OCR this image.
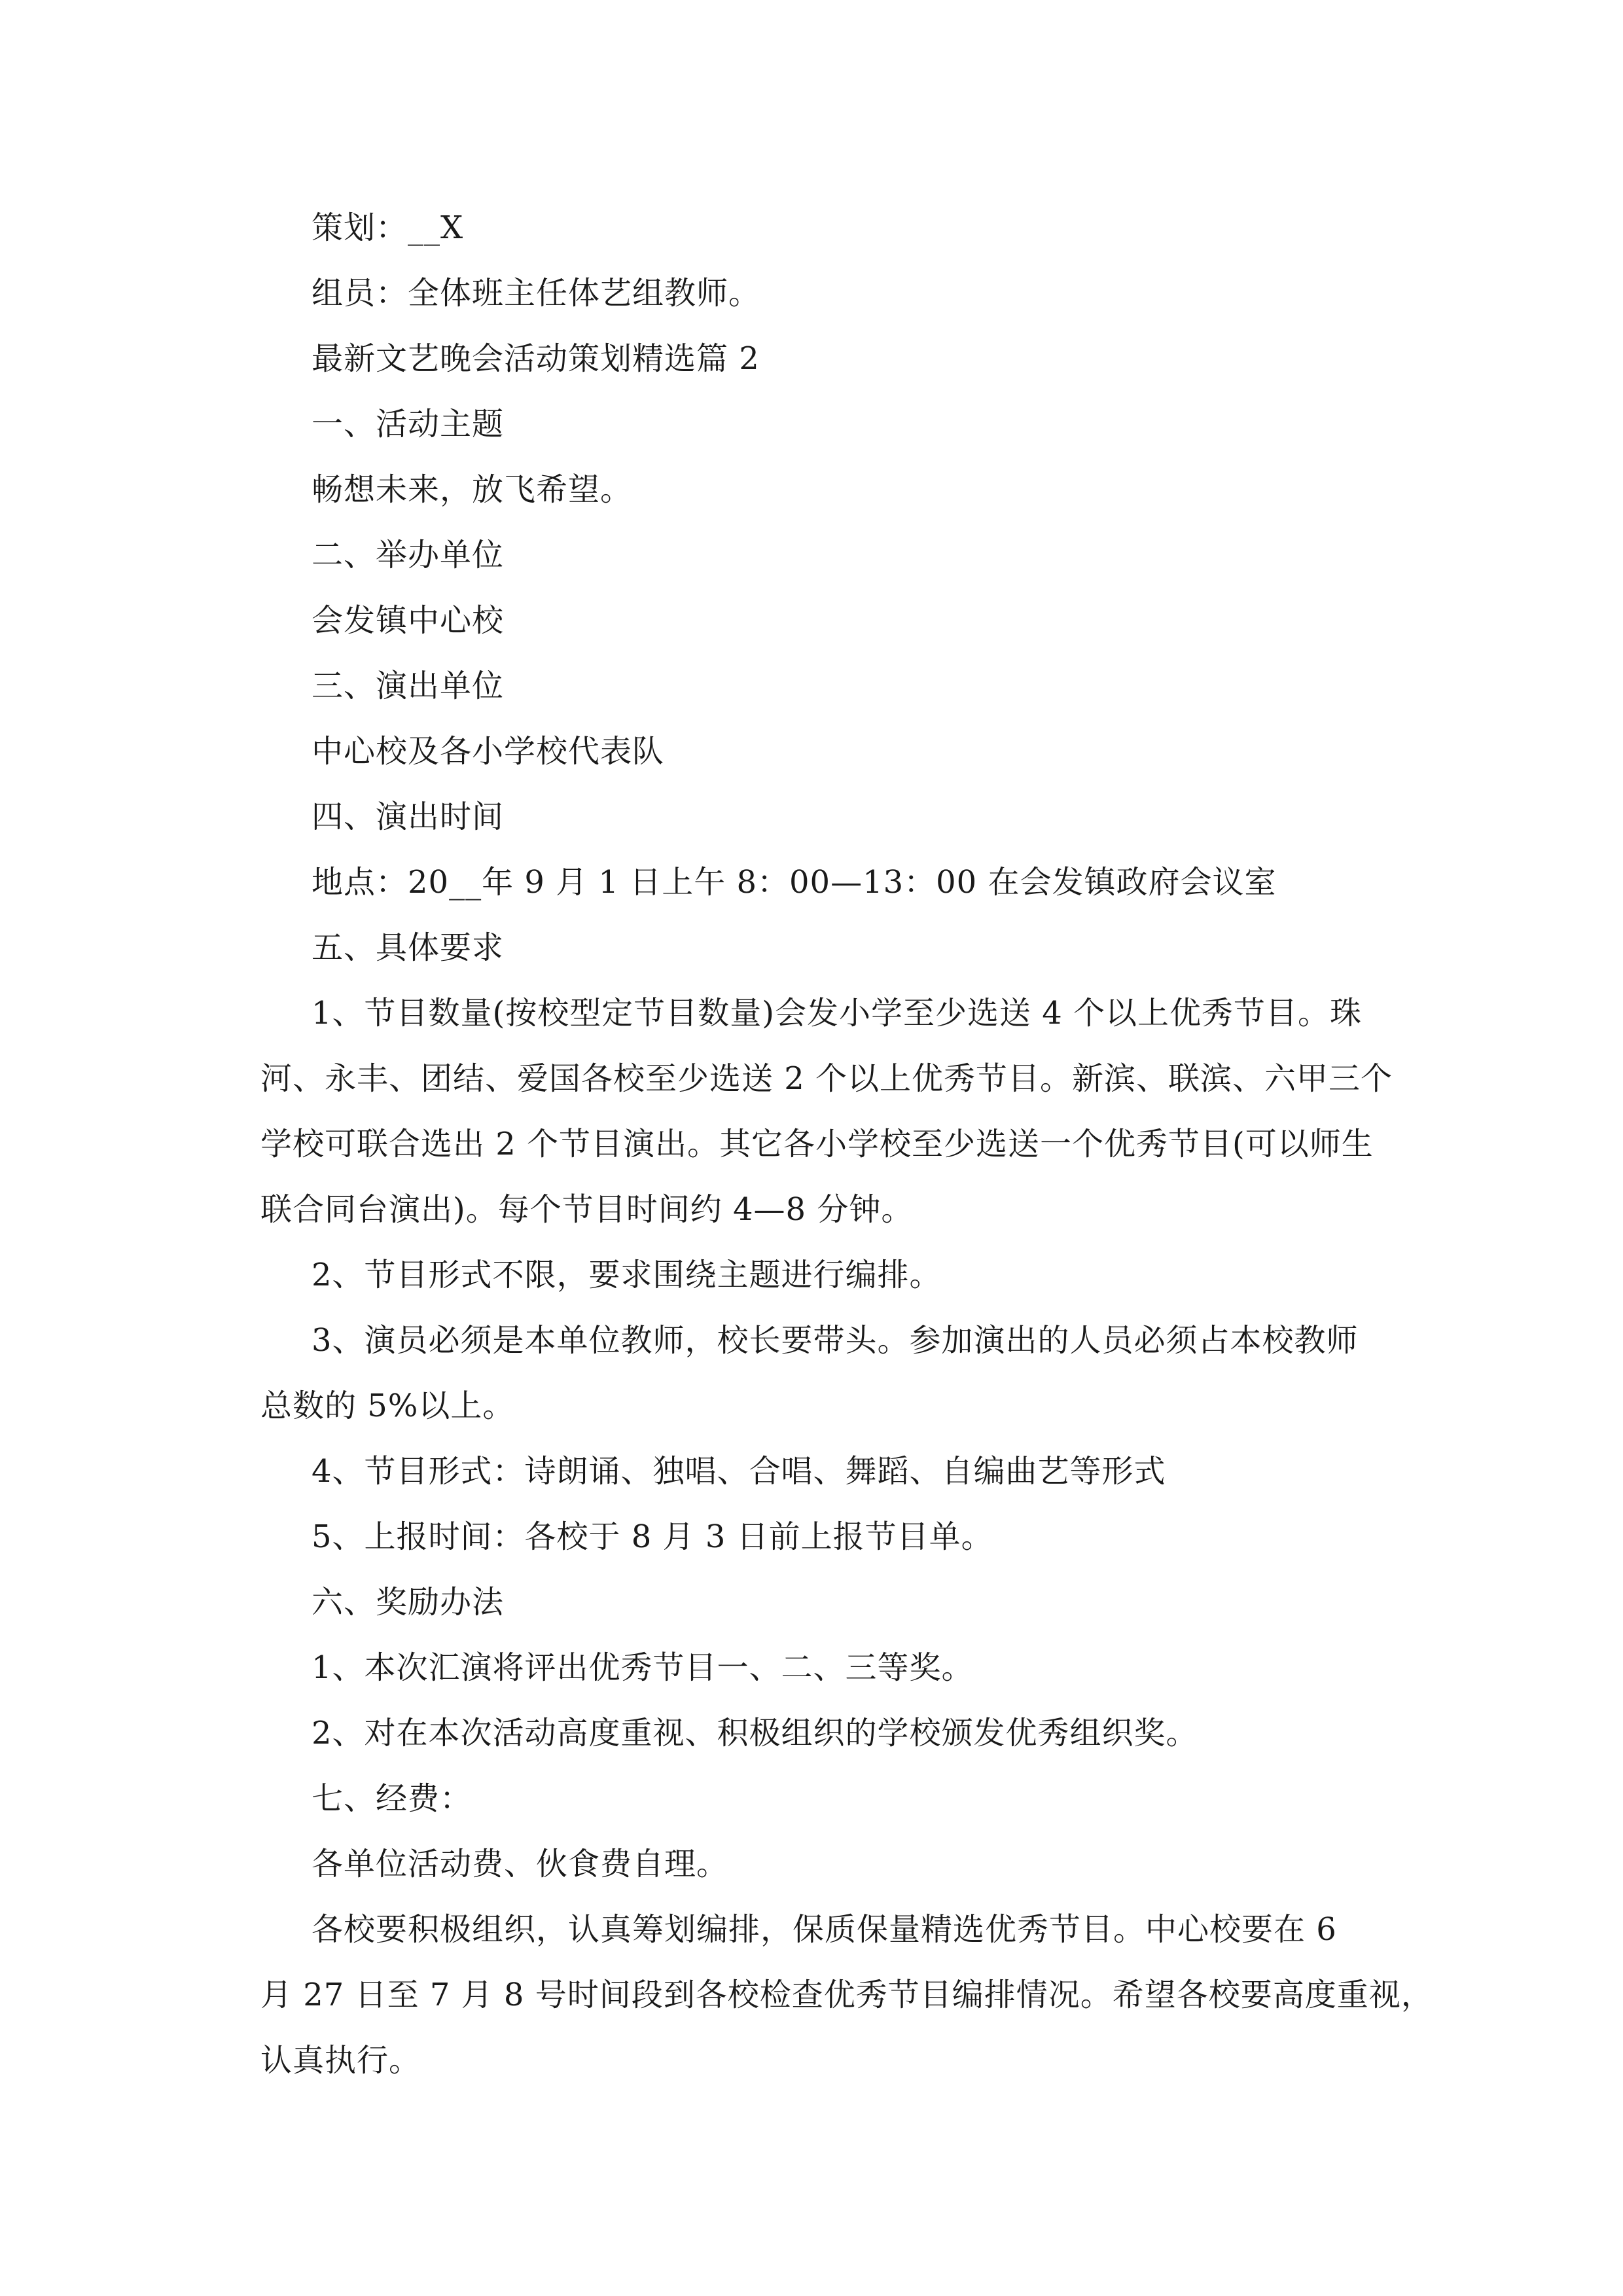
策划：__X

组员：全体班主任体艺组教师。

最新文艺晚会活动策划精选篇 2

一、活动主题

畅想未来，放飞希望。

二、举办单位

会发镇中心校

三、演出单位

中心校及各小学校代表队

四、演出时间

地点：20__年 9 月 1 日上午 8：00—13：00 在会发镇政府会议室

五、具体要求

1、节目数量(按校型定节目数量)会发小学至少选送 4 个以上优秀节目。珠

河、永丰、团结、爱国各校至少选送 2 个以上优秀节目。新滨、联滨、六甲三个

学校可联合选出 2 个节目演出。其它各小学校至少选送一个优秀节目(可以师生

联合同台演出)。每个节目时间约 4—8 分钟。

2、节目形式不限，要求围绕主题进行编排。

3、演员必须是本单位教师，校长要带头。参加演出的人员必须占本校教师

总数的 5%以上。

4、节目形式：诗朗诵、独唱、合唱、舞蹈、自编曲艺等形式

5、上报时间：各校于 8 月 3 日前上报节目单。

六、奖励办法

1、本次汇演将评出优秀节目一、二、三等奖。

2、对在本次活动高度重视、积极组织的学校颁发优秀组织奖。

七、经费：

各单位活动费、伙食费自理。

各校要积极组织，认真筹划编排，保质保量精选优秀节目。中心校要在 6

月 27 日至 7 月 8 号时间段到各校检查优秀节目编排情况。希望各校要高度重视，

认真执行。
